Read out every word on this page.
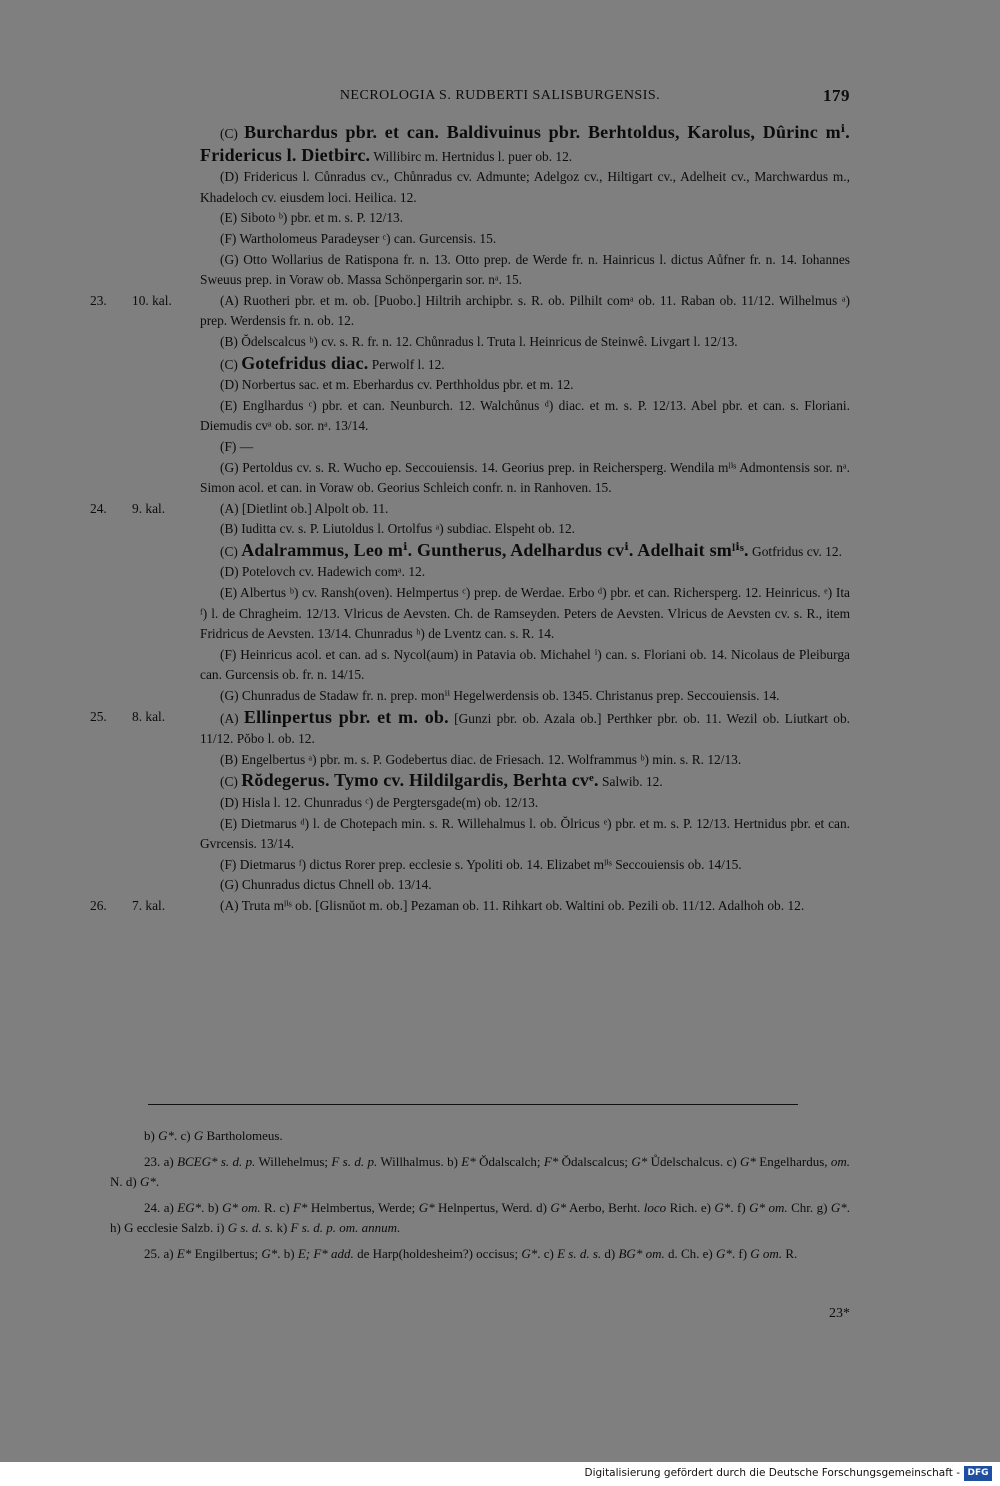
NECROLOGIA S. RUDBERTI SALISBURGENSIS.	179

(C) Burchardus pbr. et can. Baldivuinus pbr. Berhtoldus, Karolus, Dûrinc mⁱ. Fridericus l. Dietbirc. Willibirc m. Hertnidus l. puer ob. 12.

(D) Fridericus l. Cůnradus cv., Chůnradus cv. Admunte; Adelgoz cv., Hiltigart cv., Adelheit cv., Marchwardus m., Khadeloch cv. eiusdem loci. Heilica. 12.

(E) Siboto ᵇ) pbr. et m. s. P. 12/13.

(F) Wartholomeus Paradeyser ᶜ) can. Gurcensis. 15.

(G) Otto Wollarius de Ratispona fr. n. 13. Otto prep. de Werde fr. n. Hainricus l. dictus Aůfner fr. n. 14. Iohannes Sweuus prep. in Voraw ob. Massa Schönpergarin sor. nᵃ. 15.

23.	10. kal.	(A) Ruotheri pbr. et m. ob. [Puobo.] Hiltrih archipbr. s. R. ob. Pilhilt comᵃ ob. 11. Raban ob. 11/12. Wilhelmus ᵃ) prep. Werdensis fr. n. ob. 12.

(B) Ŏdelscalcus ᵇ) cv. s. R. fr. n. 12. Chůnradus l. Truta l. Heinricus de Steinwê. Livgart l. 12/13.

(C) Gotefridus diac. Perwolf l. 12.

(D) Norbertus sac. et m. Eberhardus cv. Perthholdus pbr. et m. 12.

(E) Englhardus ᶜ) pbr. et can. Neunburch. 12. Walchůnus ᵈ) diac. et m. s. P. 12/13. Abel pbr. et can. s. Floriani. Diemudis cvᵃ ob. sor. nᵃ. 13/14.

(F) —

(G) Pertoldus cv. s. R. Wucho ep. Seccouiensis. 14. Georius prep. in Reichersperg. Wendila mˡⁱˢ Admontensis sor. nᵃ. Simon acol. et can. in Voraw ob. Georius Schleich confr. n. in Ranhoven. 15.

24.	9. kal.	(A) [Dietlint ob.] Alpolt ob. 11.

(B) Iuditta cv. s. P. Liutoldus l. Ortolfus ᵃ) subdiac. Elspeht ob. 12.

(C) Adalrammus, Leo mⁱ. Guntherus, Adelhardus cvⁱ. Adelhait smˡⁱˢ. Gotfridus cv. 12.

(D) Potelovch cv. Hadewich comᵃ. 12.

(E) Albertus ᵇ) cv. Ransh(oven). Helmpertus ᶜ) prep. de Werdae. Erbo ᵈ) pbr. et can. Richersperg. 12. Heinricus. ᵉ) Ita ᶠ) l. de Chragheim. 12/13. Vlricus de Aevsten. Ch. de Ramseyden. Peters de Aevsten. Vlricus de Aevsten cv. s. R., item Fridricus de Aevsten. 13/14. Chunradus ʰ) de Lventz can. s. R. 14.

(F) Heinricus acol. et can. ad s. Nycol(aum) in Patavia ob. Michahel ⁱ) can. s. Floriani ob. 14. Nicolaus de Pleiburga can. Gurcensis ob. fr. n. 14/15.

(G) Chunradus de Stadaw fr. n. prep. monⁱⁱ Hegelwerdensis ob. 1345. Christanus prep. Seccouiensis. 14.

25.	8. kal.	(A) Ellinpertus pbr. et m. ob. [Gunzi pbr. ob. Azala ob.] Perthker pbr. ob. 11. Wezil ob. Liutkart ob. 11/12. Pŏbo l. ob. 12.

(B) Engelbertus ᵃ) pbr. m. s. P. Godebertus diac. de Friesach. 12. Wolframmus ᵇ) min. s. R. 12/13.

(C) Rŏdegerus. Tymo cv. Hildilgardis, Berhta cvᵉ. Salwib. 12.

(D) Hisla l. 12. Chunradus ᶜ) de Pergtersgade(m) ob. 12/13.

(E) Dietmarus ᵈ) l. de Chotepach min. s. R. Willehalmus l. ob. Ŏlricus ᵉ) pbr. et m. s. P. 12/13. Hertnidus pbr. et can. Gvrcensis. 13/14.

(F) Dietmarus ᶠ) dictus Rorer prep. ecclesie s. Ypoliti ob. 14. Elizabet mˡⁱˢ Seccouiensis ob. 14/15.

(G) Chunradus dictus Chnell ob. 13/14.

26.	7. kal.	(A) Truta mˡⁱˢ ob. [Glisnŭot m. ob.] Pezaman ob. 11. Rihkart ob. Waltini ob. Pezili ob. 11/12. Adalhoh ob. 12.

b) G*. c) G Bartholomeus.

23. a) BCEG* s. d. p. Willehelmus; F s. d. p. Willhalmus. b) E* Ŏdalscalch; F* Ŏdalscalcus; G* Ůdelschalcus. c) G* Engelhardus, om. N. d) G*.

24. a) EG*. b) G* om. R. c) F* Helmbertus, Werde; G* Helnpertus, Werd. d) G* Aerbo, Berht. loco Rich. e) G*. f) G* om. Chr. g) G*. h) G ecclesie Salzb. i) G s. d. s. k) F s. d. p. om. annum.

25. a) E* Engilbertus; G*. b) E; F* add. de Harp(holdesheim?) occisus; G*. c) E s. d. s. d) BG* om. d. Ch. e) G*. f) G om. R.

23*
Digitalisierung gefördert durch die Deutsche Forschungsgemeinschaft - DFG
